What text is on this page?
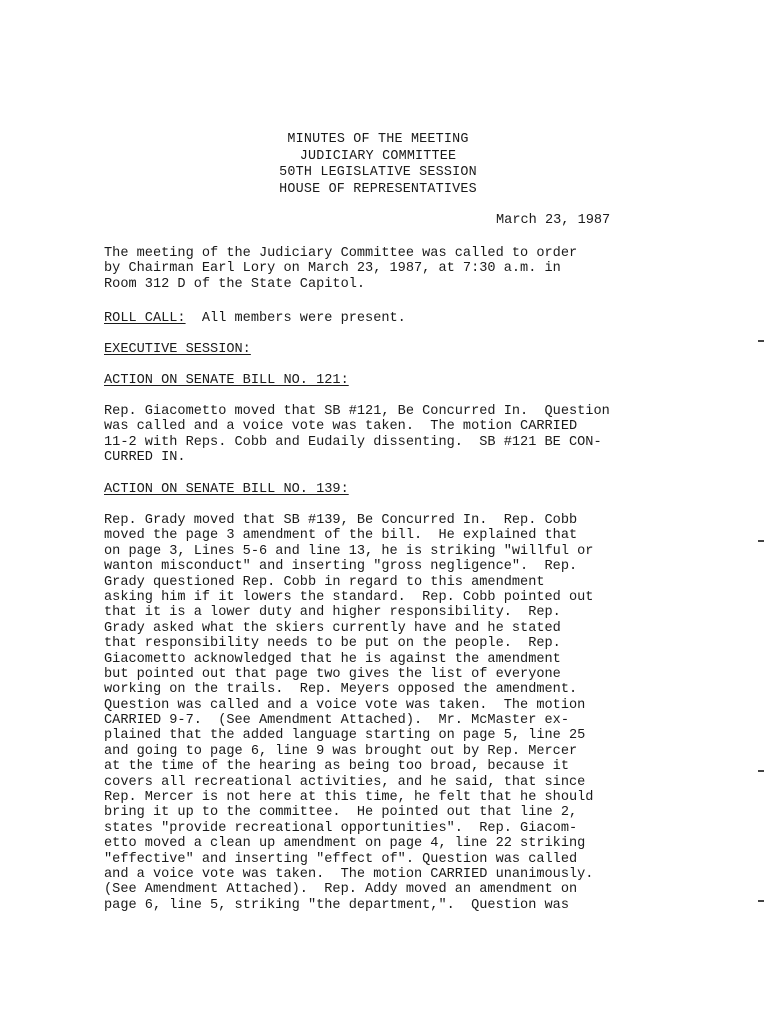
MINUTES OF THE MEETING
JUDICIARY COMMITTEE
50TH LEGISLATIVE SESSION
HOUSE OF REPRESENTATIVES
March 23, 1987
The meeting of the Judiciary Committee was called to order
by Chairman Earl Lory on March 23, 1987, at 7:30 a.m. in
Room 312 D of the State Capitol.
ROLL CALL:  All members were present.
EXECUTIVE SESSION:
ACTION ON SENATE BILL NO. 121:
Rep. Giacometto moved that SB #121, Be Concurred In.  Question
was called and a voice vote was taken.  The motion CARRIED
11-2 with Reps. Cobb and Eudaily dissenting.  SB #121 BE CON-
CURRED IN.
ACTION ON SENATE BILL NO. 139:
Rep. Grady moved that SB #139, Be Concurred In.  Rep. Cobb
moved the page 3 amendment of the bill.  He explained that
on page 3, Lines 5-6 and line 13, he is striking "willful or
wanton misconduct" and inserting "gross negligence".  Rep.
Grady questioned Rep. Cobb in regard to this amendment
asking him if it lowers the standard.  Rep. Cobb pointed out
that it is a lower duty and higher responsibility.  Rep.
Grady asked what the skiers currently have and he stated
that responsibility needs to be put on the people.  Rep.
Giacometto acknowledged that he is against the amendment
but pointed out that page two gives the list of everyone
working on the trails.  Rep. Meyers opposed the amendment.
Question was called and a voice vote was taken.  The motion
CARRIED 9-7.  (See Amendment Attached).  Mr. McMaster ex-
plained that the added language starting on page 5, line 25
and going to page 6, line 9 was brought out by Rep. Mercer
at the time of the hearing as being too broad, because it
covers all recreational activities, and he said, that since
Rep. Mercer is not here at this time, he felt that he should
bring it up to the committee.  He pointed out that line 2,
states "provide recreational opportunities".  Rep. Giacom-
etto moved a clean up amendment on page 4, line 22 striking
"effective" and inserting "effect of". Question was called
and a voice vote was taken.  The motion CARRIED unanimously.
(See Amendment Attached).  Rep. Addy moved an amendment on
page 6, line 5, striking "the department,".  Question was
